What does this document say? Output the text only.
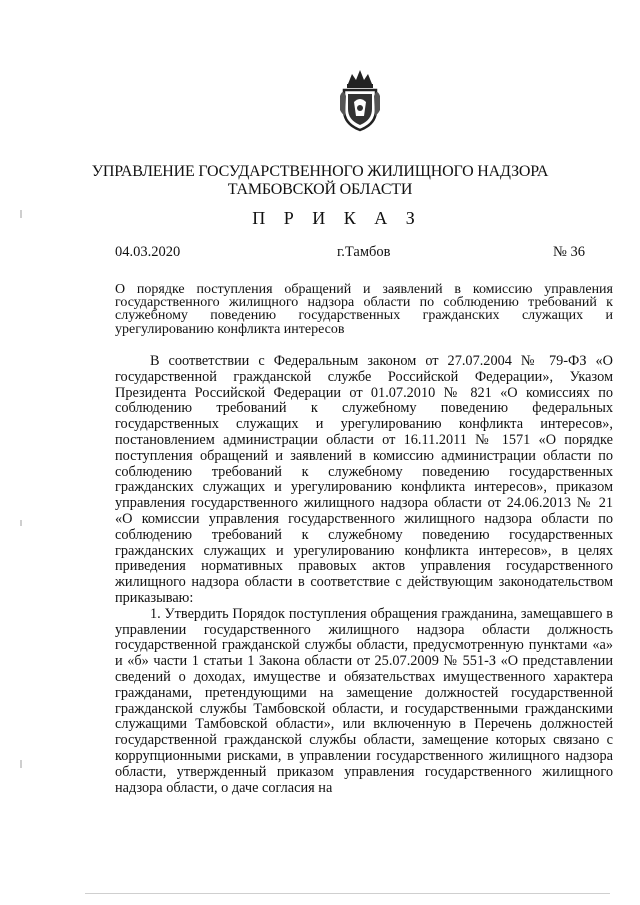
УПРАВЛЕНИЕ ГОСУДАРСТВЕННОГО ЖИЛИЩНОГО НАДЗОРА
ТАМБОВСКОЙ ОБЛАСТИ
П Р И К А З
04.03.2020	г.Тамбов	№ 36
О порядке поступления обращений и заявлений в комиссию управления государственного жилищного надзора области по соблюдению требований к служебному поведению государственных гражданских служащих и урегулированию конфликта интересов

В соответствии с Федеральным законом от 27.07.2004 № 79-ФЗ «О государственной гражданской службе Российской Федерации», Указом Президента Российской Федерации от 01.07.2010 № 821 «О комиссиях по соблюдению требований к служебному поведению федеральных государственных служащих и урегулированию конфликта интересов», постановлением администрации области от 16.11.2011 № 1571 «О порядке поступления обращений и заявлений в комиссию администрации области по соблюдению требований к служебному поведению государственных гражданских служащих и урегулированию конфликта интересов», приказом управления государственного жилищного надзора области от 24.06.2013 № 21 «О комиссии управления государственного жилищного надзора области по соблюдению требований к служебному поведению государственных гражданских служащих и урегулированию конфликта интересов», в целях приведения нормативных правовых актов управления государственного жилищного надзора области в соответствие с действующим законодательством приказываю:

1. Утвердить Порядок поступления обращения гражданина, замещавшего в управлении государственного жилищного надзора области должность государственной гражданской службы области, предусмотренную пунктами «а» и «б» части 1 статьи 1 Закона области от 25.07.2009 № 551-З «О представлении сведений о доходах, имуществе и обязательствах имущественного характера гражданами, претендующими на замещение должностей государственной гражданской службы Тамбовской области, и государственными гражданскими служащими Тамбовской области», или включенную в Перечень должностей государственной гражданской службы области, замещение которых связано с коррупционными рисками, в управлении государственного жилищного надзора области, утвержденный приказом управления государственного жилищного надзора области, о даче согласия на
